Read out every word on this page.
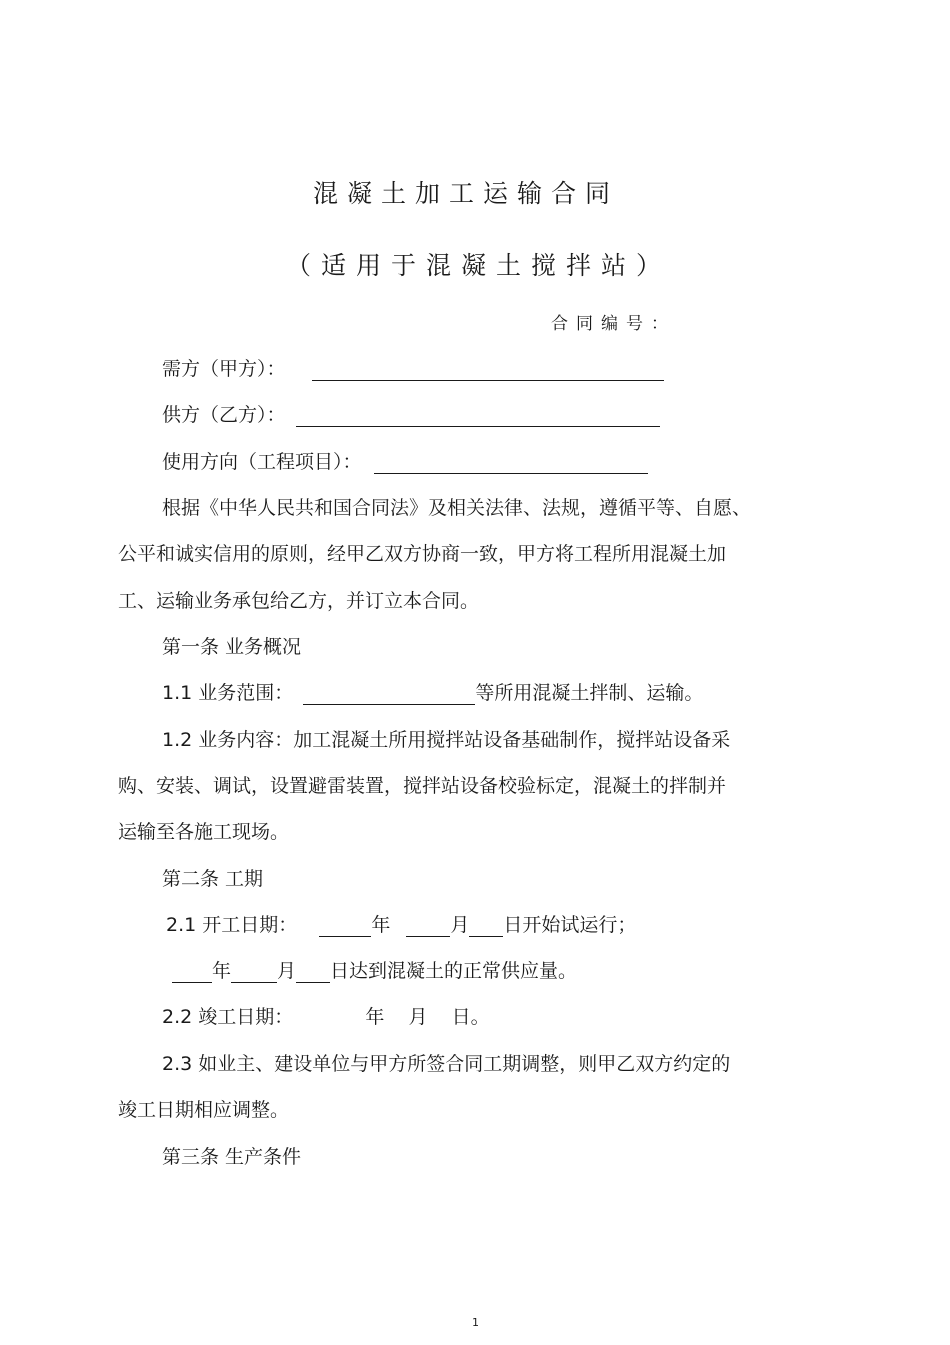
混凝土加工运输合同
（适用于混凝土搅拌站）
合同编号：
需方（甲方）：
供方（乙方）：
使用方向（工程项目）：
根据《中华人民共和国合同法》及相关法律、法规，遵循平等、自愿、
公平和诚实信用的原则，经甲乙双方协商一致，甲方将工程所用混凝土加
工、运输业务承包给乙方，并订立本合同。
第一条 业务概况
1.1 业务范围：	等所用混凝土拌制、运输。
1.2 业务内容：加工混凝土所用搅拌站设备基础制作，搅拌站设备采
购、安装、调试，设置避雷装置，搅拌站设备校验标定，混凝土的拌制并
运输至各施工现场。
第二条 工期
2.1 开工日期：	年	月 日开始试运行；
年 月 日达到混凝土的正常供应量。
2.2 竣工日期：	年    月    日。
2.3 如业主、建设单位与甲方所签合同工期调整，则甲乙双方约定的
竣工日期相应调整。
第三条 生产条件
1
